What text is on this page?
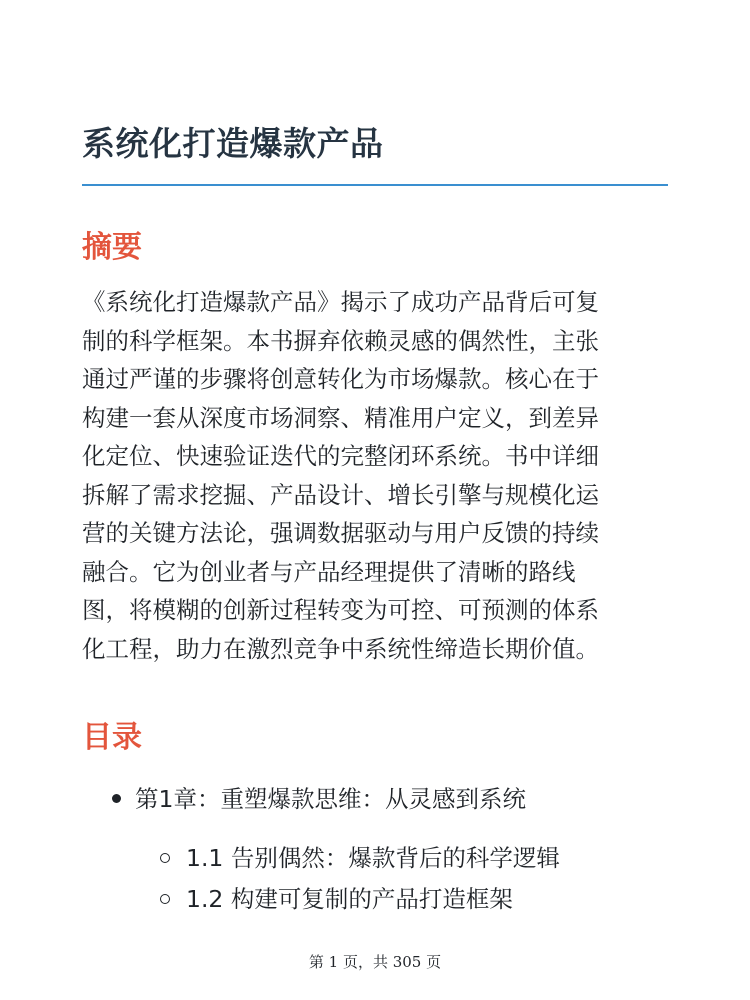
系统化打造爆款产品
摘要
《系统化打造爆款产品》揭示了成功产品背后可复
制的科学框架。本书摒弃依赖灵感的偶然性，主张
通过严谨的步骤将创意转化为市场爆款。核心在于
构建一套从深度市场洞察、精准用户定义，到差异
化定位、快速验证迭代的完整闭环系统。书中详细
拆解了需求挖掘、产品设计、增长引擎与规模化运
营的关键方法论，强调数据驱动与用户反馈的持续
融合。它为创业者与产品经理提供了清晰的路线
图，将模糊的创新过程转变为可控、可预测的体系
化工程，助力在激烈竞争中系统性缔造长期价值。
目录
第1章：重塑爆款思维：从灵感到系统
1.1 告别偶然：爆款背后的科学逻辑
1.2 构建可复制的产品打造框架
第 1 页，共 305 页
